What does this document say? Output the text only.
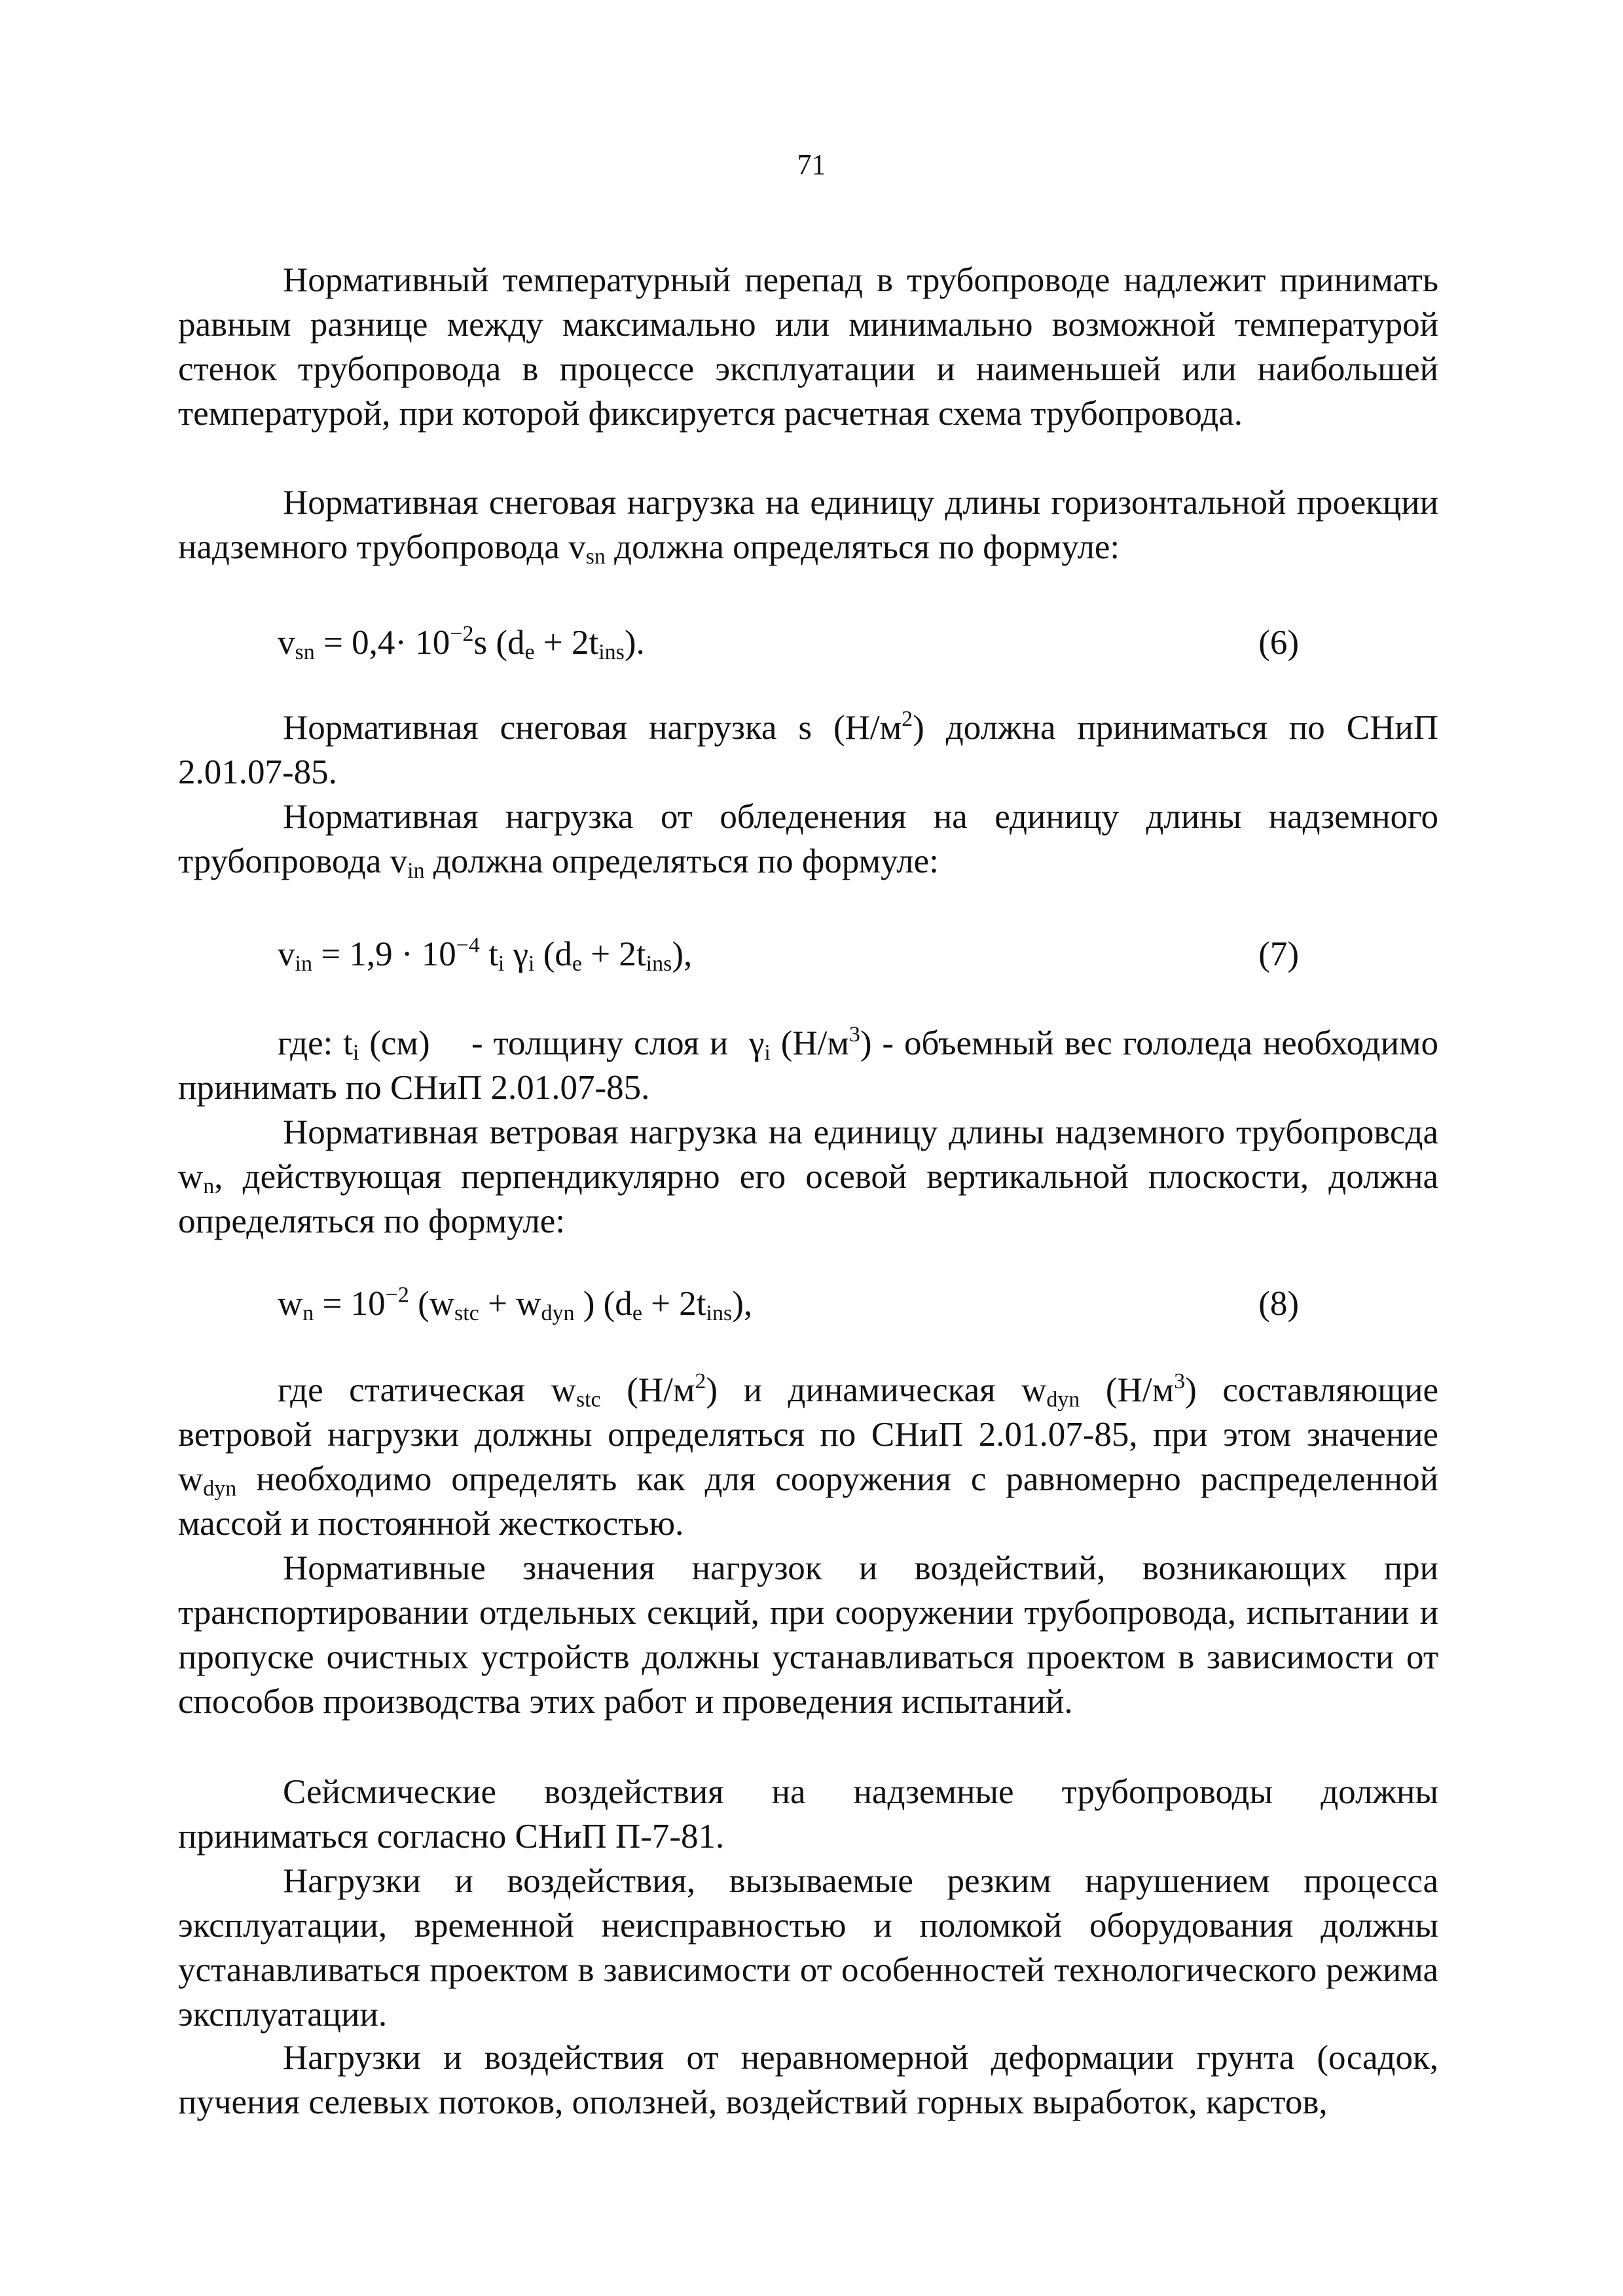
71

Нормативный температурный перепад в трубопроводе надлежит принимать равным разнице между максимально или минимально возможной температурой стенок трубопровода в процессе эксплуатации и наименьшей или наибольшей температурой, при которой фиксируется расчетная схема трубопровода.

Нормативная снеговая нагрузка на единицу длины горизонтальной проекции надземного трубопровода $v_{sn}$ должна определяться по формуле:

$v_{sn} = 0,4\cdot 10^{-2}s$ $(d_e + 2t_{ins})$.	(6)

Нормативная снеговая нагрузка s $(Н/м^2)$ должна приниматься по СНиП 2.01.07-85.

Нормативная нагрузка от обледенения на единицу длины надземного трубопровода $v_{in}$ должна определяться по формуле:

$v_{in} = 1,9 \cdot 10^{-4}$ $t_i$ $\gamma_i$ $(d_e + 2t_{ins})$,	(7)

где: $t_i$ (см)    - толщину слоя и  $\gamma_i$ $(Н/м^3)$ - объемный вес гололеда необходимо принимать по СНиП 2.01.07-85.

Нормативная ветровая нагрузка на единицу длины надземного трубопровсда $w_n$, действующая перпендикулярно его осевой вертикальной плоскости, должна определяться по формуле:

$w_n = 10^{-2}$ ($w_{stc} + w_{dyn}$ ) $(d_e + 2t_{ins})$,	(8)

где статическая $w_{stc}$ $(Н/м^2)$ и динамическая $w_{dyn}$ $(Н/м^3)$ составляющие ветровой нагрузки должны определяться по СНиП 2.01.07-85, при этом значение $w_{dyn}$ необходимо определять как для сооружения с равномерно распределенной массой и постоянной жесткостью.

Нормативные значения нагрузок и воздействий, возникающих при транспортировании отдельных секций, при сооружении трубопровода, испытании и пропуске очистных устройств должны устанавливаться проектом в зависимости от способов производства этих работ и проведения испытаний.

Сейсмические воздействия на надземные трубопроводы должны приниматься согласно СНиП П-7-81.

Нагрузки и воздействия, вызываемые резким нарушением процесса эксплуатации, временной неисправностью и поломкой оборудования должны устанавливаться проектом в зависимости от особенностей технологического режима эксплуатации.

Нагрузки и воздействия от неравномерной деформации грунта (осадок, пучения селевых потоков, оползней, воздействий горных выработок, карстов,
